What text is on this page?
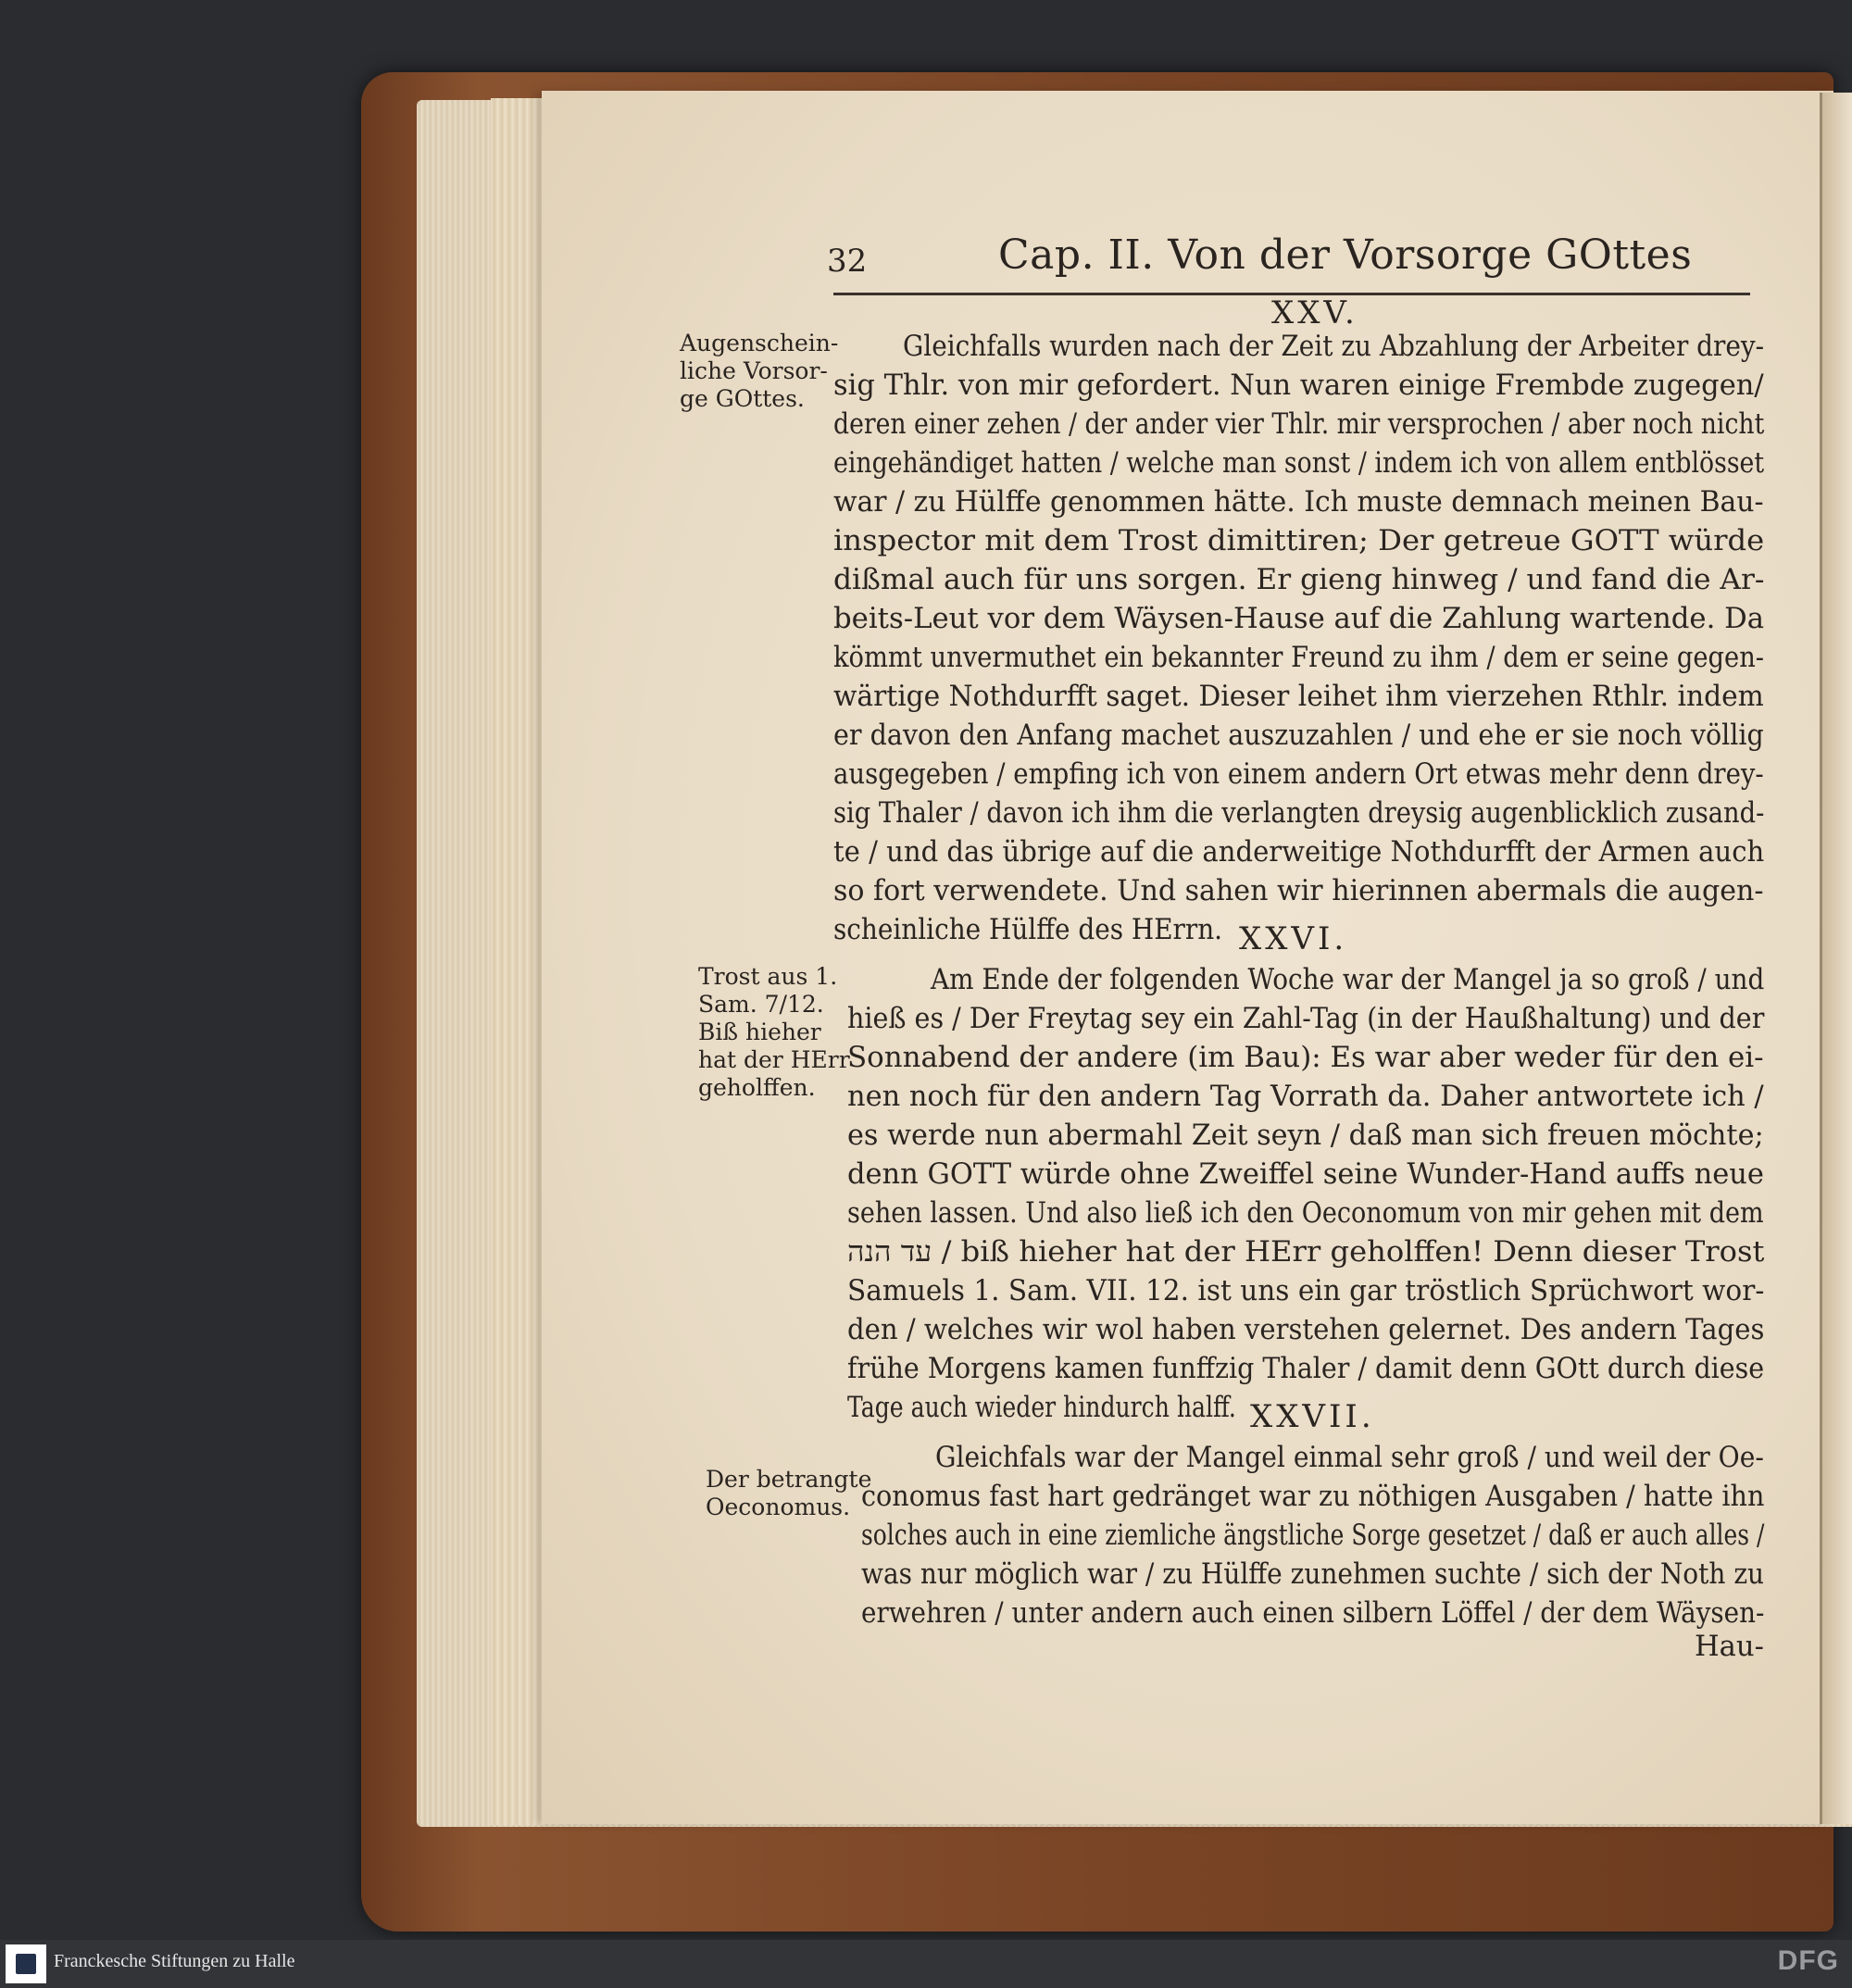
32	Cap. II. Von der Vorsorge GOttes
XXV.
Augenschein-
liche Vorsor-
ge GOttes.
Gleichfalls wurden nach der Zeit zu Abzahlung der Arbeiter drey-
sig Thlr. von mir gefordert. Nun waren einige Frembde zugegen/
deren einer zehen / der ander vier Thlr. mir versprochen / aber noch nicht
eingehändiget hatten / welche man sonst / indem ich von allem entblösset
war / zu Hülffe genommen hätte. Ich muste demnach meinen Bau-
inspector mit dem Trost dimittiren; Der getreue GOTT würde
dißmal auch für uns sorgen. Er gieng hinweg / und fand die Ar-
beits-Leut vor dem Wäysen-Hause auf die Zahlung wartende. Da
kömmt unvermuthet ein bekannter Freund zu ihm / dem er seine gegen-
wärtige Nothdurfft saget. Dieser leihet ihm vierzehen Rthlr. indem
er davon den Anfang machet auszuzahlen / und ehe er sie noch völlig
ausgegeben / empfing ich von einem andern Ort etwas mehr denn drey-
sig Thaler / davon ich ihm die verlangten dreysig augenblicklich zusand-
te / und das übrige auf die anderweitige Nothdurfft der Armen auch
so fort verwendete. Und sahen wir hierinnen abermals die augen-
scheinliche Hülffe des HErrn. XXVI.
Trost aus 1.
Sam. 7/12.
Biß hieher
hat der HErr
geholffen.
Am Ende der folgenden Woche war der Mangel ja so groß / und
hieß es / Der Freytag sey ein Zahl-Tag (in der Haußhaltung) und der
Sonnabend der andere (im Bau): Es war aber weder für den ei-
nen noch für den andern Tag Vorrath da. Daher antwortete ich /
es werde nun abermahl Zeit seyn / daß man sich freuen möchte;
denn GOTT würde ohne Zweiffel seine Wunder-Hand auffs neue
sehen lassen. Und also ließ ich den Oeconomum von mir gehen mit dem
עד הנה / biß hieher hat der HErr geholffen! Denn dieser Trost
Samuels 1. Sam. VII. 12. ist uns ein gar tröstlich Sprüchwort wor-
den / welches wir wol haben verstehen gelernet. Des andern Tages
frühe Morgens kamen funffzig Thaler / damit denn GOtt durch diese
Tage auch wieder hindurch halff. XXVII.
Der betrangte
Oeconomus.
Gleichfals war der Mangel einmal sehr groß / und weil der Oe-
conomus fast hart gedränget war zu nöthigen Ausgaben / hatte ihn
solches auch in eine ziemliche ängstliche Sorge gesetzet / daß er auch alles /
was nur möglich war / zu Hülffe zunehmen suchte / sich der Noth zu
erwehren / unter andern auch einen silbern Löffel / der dem Wäysen-
Hau-
Franckesche Stiftungen zu Halle	DFG
